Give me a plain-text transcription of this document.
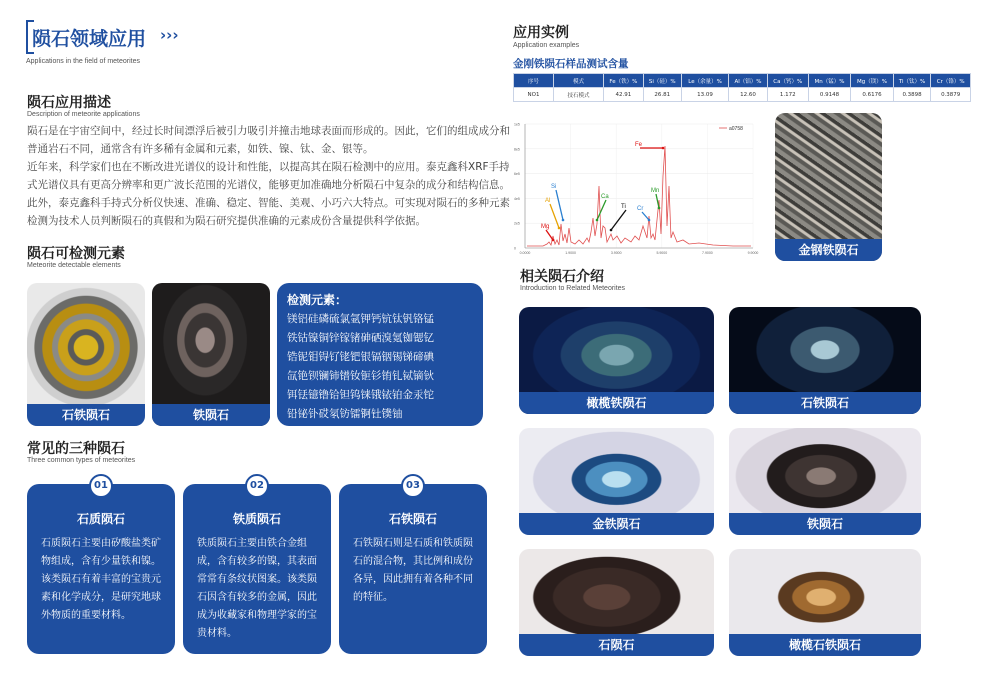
陨石领域应用 ›››
Applications in the field of meteorites
陨石应用描述
Description of meteorite applications
陨石是在宇宙空间中，经过长时间漂浮后被引力吸引并撞击地球表面而形成的。因此，它们的组成成分和
普通岩石不同，通常含有许多稀有金属和元素，如铁、镍、钛、金、银等。
近年来，科学家们也在不断改进光谱仪的设计和性能，以提高其在陨石检测中的应用。泰克鑫科XRF手持
式光谱仪具有更高分辨率和更广波长范围的光谱仪，能够更加准确地分析陨石中复杂的成分和结构信息。
此外，泰克鑫科手持式分析仪快速、准确、稳定、智能、美观、小巧六大特点。可实现对陨石的多种元素
检测为技术人员判断陨石的真假和为陨石研究提供准确的元素成份含量提供科学依据。
陨石可检测元素
Meteorite detectable elements
石铁陨石	铁陨石
检测元素：
镁铝硅磷硫氯氩钾钙钪钛钒铬锰
铁钴镍铜锌镓锗砷硒溴氪铷锶钇
锆铌钼锝钌铑钯银镉铟锡锑碲碘
氙铯钡镧铈镨钕钷钐铕钆铽镝钬
铒铥镱镥铪钽钨铼锇铱铂金汞铊
铅铋钋砹氡钫镭锕钍镤铀
常见的三种陨石
Three common types of meteorites
01
石质陨石
石质陨石主要由矽酸盐类矿
物组成，含有少量铁和镍。
该类陨石有着丰富的宝贵元
素和化学成分，是研究地球
外物质的重要材料。
02
铁质陨石
铁质陨石主要由铁合金组
成，含有较多的镍，其表面
常常有条纹状图案。该类陨
石因含有较多的金属，因此
成为收藏家和物理学家的宝
贵材料。
03
石铁陨石
石铁陨石则是石质和铁质陨
石的混合物，其比例和成份
各异，因此拥有着各种不同
的特征。
应用实例
Application examples
金刚铁陨石样品测试含量
序号	模式	Fe（铁）%	Si（硅）%	Le（余量）%	Al（铝）%	Ca（钙）%	Mn（锰）%	Mg（镁）%	Ti（钛）%	Cr（铬）%
NO1	技石模式	42.91	26.81	13.09	12.60	1.172	0.9148	0.6176	0.3898	0.3879
1e5
8e5
6e5
4e5
2e5
0
0.0000	1.9000	3.9000	5.9000	7.9000	9.9000
Mg
Al
Si
Ca
Ti Cr
Mn
Fe
a0758
金钢铁陨石
相关陨石介绍
Introduction to Related Meteorites
橄榄铁陨石	石铁陨石
金铁陨石	铁陨石
石陨石	橄榄石铁陨石
